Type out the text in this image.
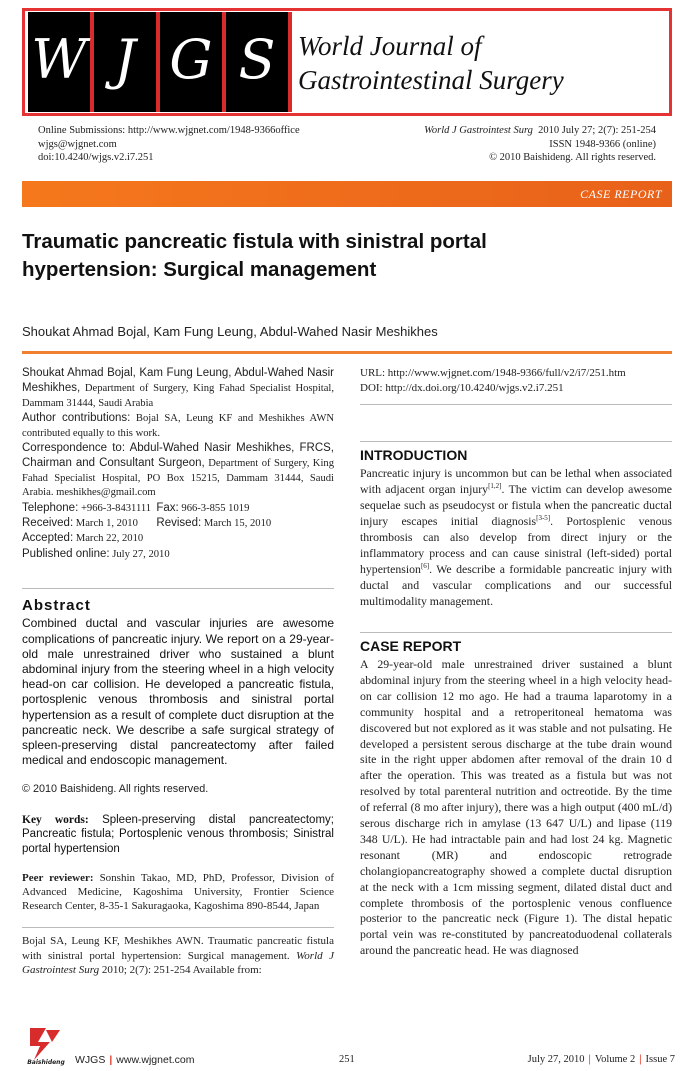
W J G S World Journal of
Gastrointestinal Surgery
Online Submissions: http://www.wjgnet.com/1948-9366office
wjgs@wjgnet.com
doi:10.4240/wjgs.v2.i7.251
World J Gastrointest Surg 2010 July 27; 2(7): 251-254
ISSN 1948-9366 (online)
© 2010 Baishideng. All rights reserved.
CASE REPORT
Traumatic pancreatic fistula with sinistral portal
hypertension: Surgical management
Shoukat Ahmad Bojal, Kam Fung Leung, Abdul-Wahed Nasir Meshikhes
Shoukat Ahmad Bojal, Kam Fung Leung, Abdul-Wahed Nasir Meshikhes, Department of Surgery, King Fahad Specialist Hospital, Dammam 31444, Saudi Arabia
Author contributions: Bojal SA, Leung KF and Meshikhes AWN contributed equally to this work.
Correspondence to: Abdul-Wahed Nasir Meshikhes, FRCS, Chairman and Consultant Surgeon, Department of Surgery, King Fahad Specialist Hospital, PO Box 15215, Dammam 31444, Saudi Arabia. meshikhes@gmail.com
Telephone: +966-3-8431111 Fax: 966-3-855 1019
Received: March 1, 2010 Revised: March 15, 2010
Accepted: March 22, 2010
Published online: July 27, 2010
Abstract
Combined ductal and vascular injuries are awesome complications of pancreatic injury. We report on a 29-year-old male unrestrained driver who sustained a blunt abdominal injury from the steering wheel in a high velocity head-on car collision. He developed a pancreatic fistula, portosplenic venous thrombosis and sinistral portal hypertension as a result of complete duct disruption at the pancreatic neck. We describe a safe surgical strategy of spleen-preserving distal pancreatectomy after failed medical and endoscopic management.
© 2010 Baishideng. All rights reserved.
Key words: Spleen-preserving distal pancreatectomy; Pancreatic fistula; Portosplenic venous thrombosis; Sinistral portal hypertension
Peer reviewer: Sonshin Takao, MD, PhD, Professor, Division of Advanced Medicine, Kagoshima University, Frontier Science Research Center, 8-35-1 Sakuragaoka, Kagoshima 890-8544, Japan
Bojal SA, Leung KF, Meshikhes AWN. Traumatic pancreatic fistula with sinistral portal hypertension: Surgical management. World J Gastrointest Surg 2010; 2(7): 251-254 Available from:
URL: http://www.wjgnet.com/1948-9366/full/v2/i7/251.htm
DOI: http://dx.doi.org/10.4240/wjgs.v2.i7.251
INTRODUCTION
Pancreatic injury is uncommon but can be lethal when associated with adjacent organ injury[1,2]. The victim can develop awesome sequelae such as pseudocyst or fistula when the pancreatic ductal injury escapes initial diagnosis[3-5]. Portosplenic venous thrombosis can also develop from direct injury or the inflammatory process and can cause sinistral (left-sided) portal hypertension[6]. We describe a formidable pancreatic injury with ductal and vascular complications and our successful multimodality management.
CASE REPORT
A 29-year-old male unrestrained driver sustained a blunt abdominal injury from the steering wheel in a high velocity head-on car collision 12 mo ago. He had a trauma laparotomy in a community hospital and a retroperitoneal hematoma was discovered but not explored as it was stable and not pulsating. He developed a persistent serous discharge at the tube drain wound site in the right upper abdomen after removal of the drain 10 d after the operation. This was treated as a fistula but was not resolved by total parenteral nutrition and octreotide. By the time of referral (8 mo after injury), there was a high output (400 mL/d) serous discharge rich in amylase (13 647 U/L) and lipase (119 348 U/L). He had intractable pain and had lost 24 kg. Magnetic resonant (MR) and endoscopic retrograde cholangiopancreatography showed a complete ductal disruption at the neck with a 1cm missing segment, dilated distal duct and complete thrombosis of the portosplenic venous confluence posterior to the pancreatic neck (Figure 1). The distal hepatic portal vein was re-constituted by pancreatoduodenal collaterals around the pancreatic head. He was diagnosed
Baishideng WJGS | www.wjgnet.com	251	July 27, 2010 | Volume 2 | Issue 7
